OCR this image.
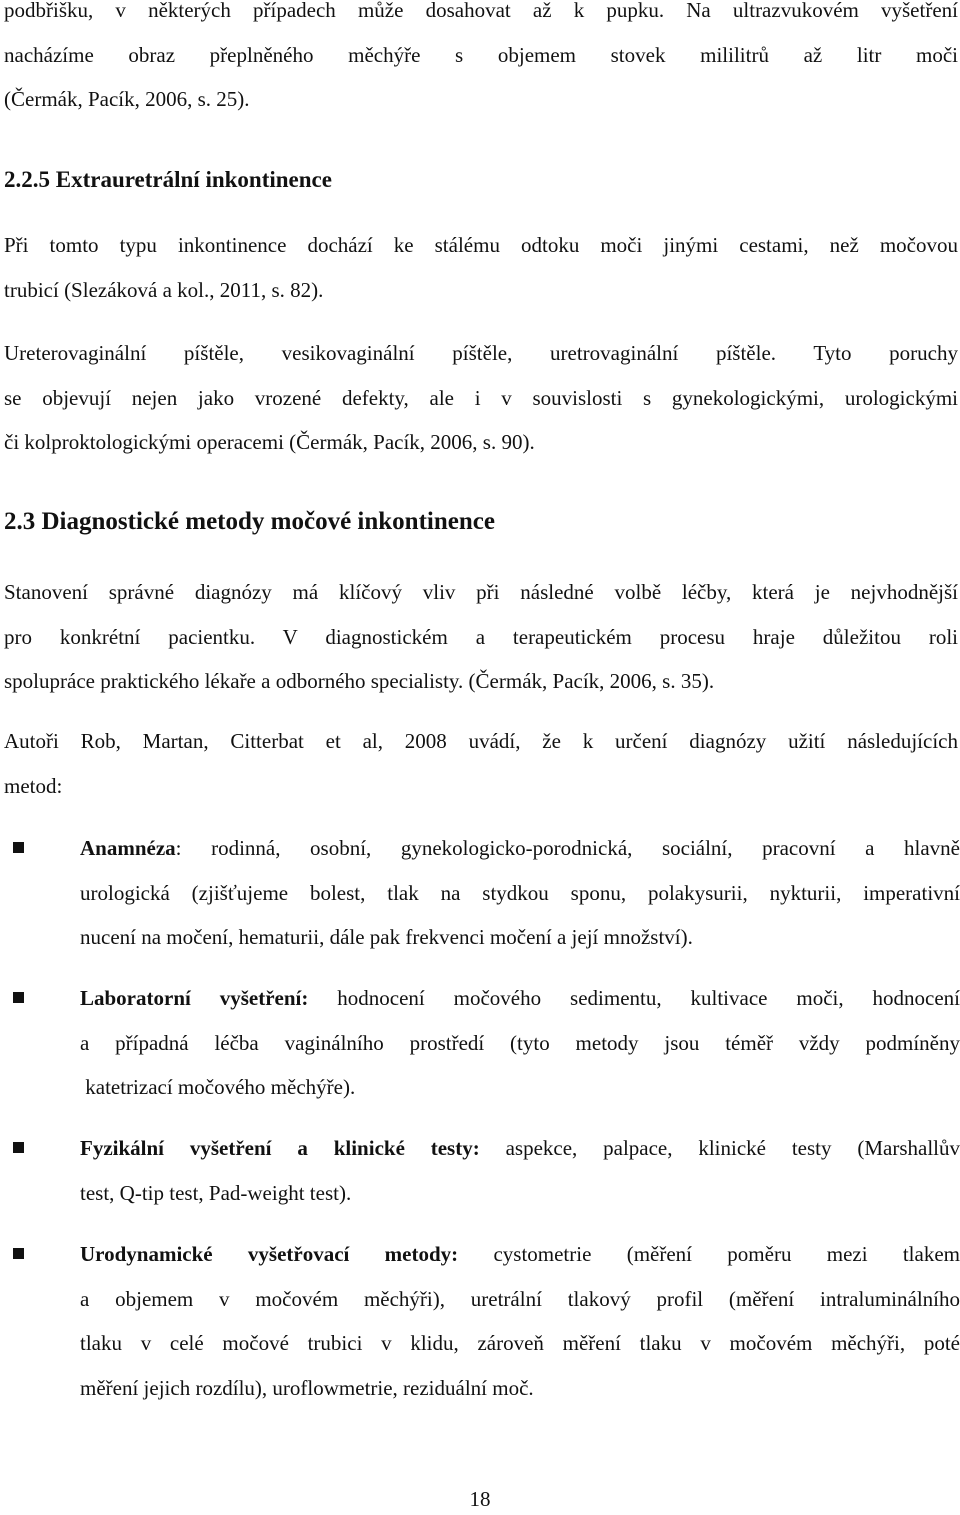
podbřišku, v některých případech může dosahovat až k pupku. Na ultrazvukovém vyšetření
nacházíme obraz přeplněného měchýře s objemem stovek mililitrů až litr moči
(Čermák, Pacík, 2006, s. 25).

2.2.5 Extrauretrální inkontinence

Při tomto typu inkontinence dochází ke stálému odtoku moči jinými cestami, než močovou
trubicí (Slezáková a kol., 2011, s. 82).

Ureterovaginální píštěle, vesikovaginální píštěle, uretrovaginální píštěle. Tyto poruchy
se objevují nejen jako vrozené defekty, ale i v souvislosti s gynekologickými, urologickými
či kolproktologickými operacemi (Čermák, Pacík, 2006, s. 90).

2.3 Diagnostické metody močové inkontinence

Stanovení správné diagnózy má klíčový vliv při následné volbě léčby, která je nejvhodnější
pro konkrétní pacientku. V diagnostickém a terapeutickém procesu hraje důležitou roli
spolupráce praktického lékaře a odborného specialisty. (Čermák, Pacík, 2006, s. 35).

Autoři Rob, Martan, Citterbat et al, 2008 uvádí, že k určení diagnózy užití následujících
metod:

Anamnéza: rodinná, osobní, gynekologicko-porodnická, sociální, pracovní a hlavně
urologická (zjišťujeme bolest, tlak na stydkou sponu, polakysurii, nykturii, imperativní
nucení na močení, hematurii, dále pak frekvenci močení a její množství).
Laboratorní vyšetření: hodnocení močového sedimentu, kultivace moči, hodnocení
a případná léčba vaginálního prostředí (tyto metody jsou téměř vždy podmíněny
katetrizací močového měchýře).
Fyzikální vyšetření a klinické testy: aspekce, palpace, klinické testy (Marshallův
test, Q-tip test, Pad-weight test).
Urodynamické vyšetřovací metody: cystometrie (měření poměru mezi tlakem
a objemem v močovém měchýři), uretrální tlakový profil (měření intraluminálního
tlaku v celé močové trubici v klidu, zároveň měření tlaku v močovém měchýři, poté
měření jejich rozdílu), uroflowmetrie, reziduální moč.
18
